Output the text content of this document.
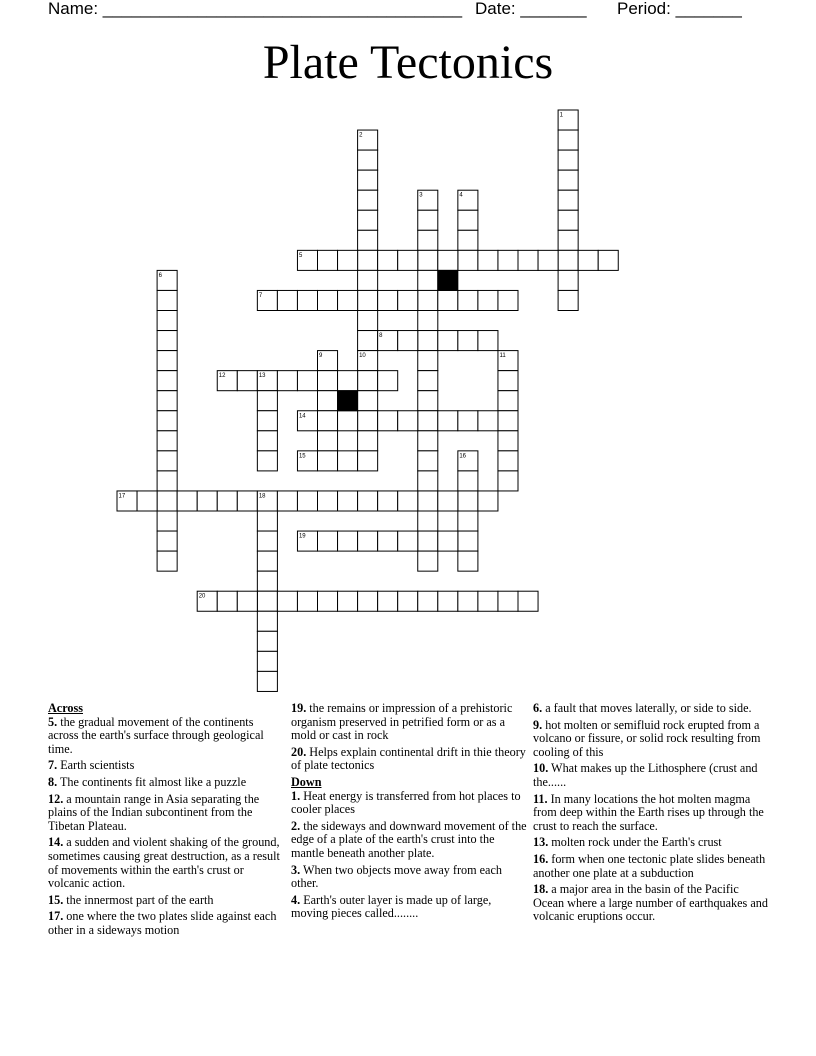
Name: ______________________________________ Date: _______ Period: _______
Plate Tectonics
1
2
3	4
5
6
7
8
9	10	11
12	13
14
15	16
17	18
19
20
Across
5. the gradual movement of the continents across the earth's surface through geological time.
7. Earth scientists
8. The continents fit almost like a puzzle
12. a mountain range in Asia separating the plains of the Indian subcontinent from the Tibetan Plateau.
14. a sudden and violent shaking of the ground, sometimes causing great destruction, as a result of movements within the earth's crust or volcanic action.
15. the innermost part of the earth
17. one where the two plates slide against each other in a sideways motion
19. the remains or impression of a prehistoric organism preserved in petrified form or as a mold or cast in rock
20. Helps explain continental drift in thie theory of plate tectonics
Down
1. Heat energy is transferred from hot places to cooler places
2. the sideways and downward movement of the edge of a plate of the earth's crust into the mantle beneath another plate.
3. When two objects move away from each other.
4. Earth's outer layer is made up of large, moving pieces called........
6. a fault that moves laterally, or side to side.
9. hot molten or semifluid rock erupted from a volcano or fissure, or solid rock resulting from cooling of this
10. What makes up the Lithosphere (crust and the......
11. In many locations the hot molten magma from deep within the Earth rises up through the crust to reach the surface.
13. molten rock under the Earth's crust
16. form when one tectonic plate slides beneath another one plate at a subduction
18. a major area in the basin of the Pacific Ocean where a large number of earthquakes and volcanic eruptions occur.
